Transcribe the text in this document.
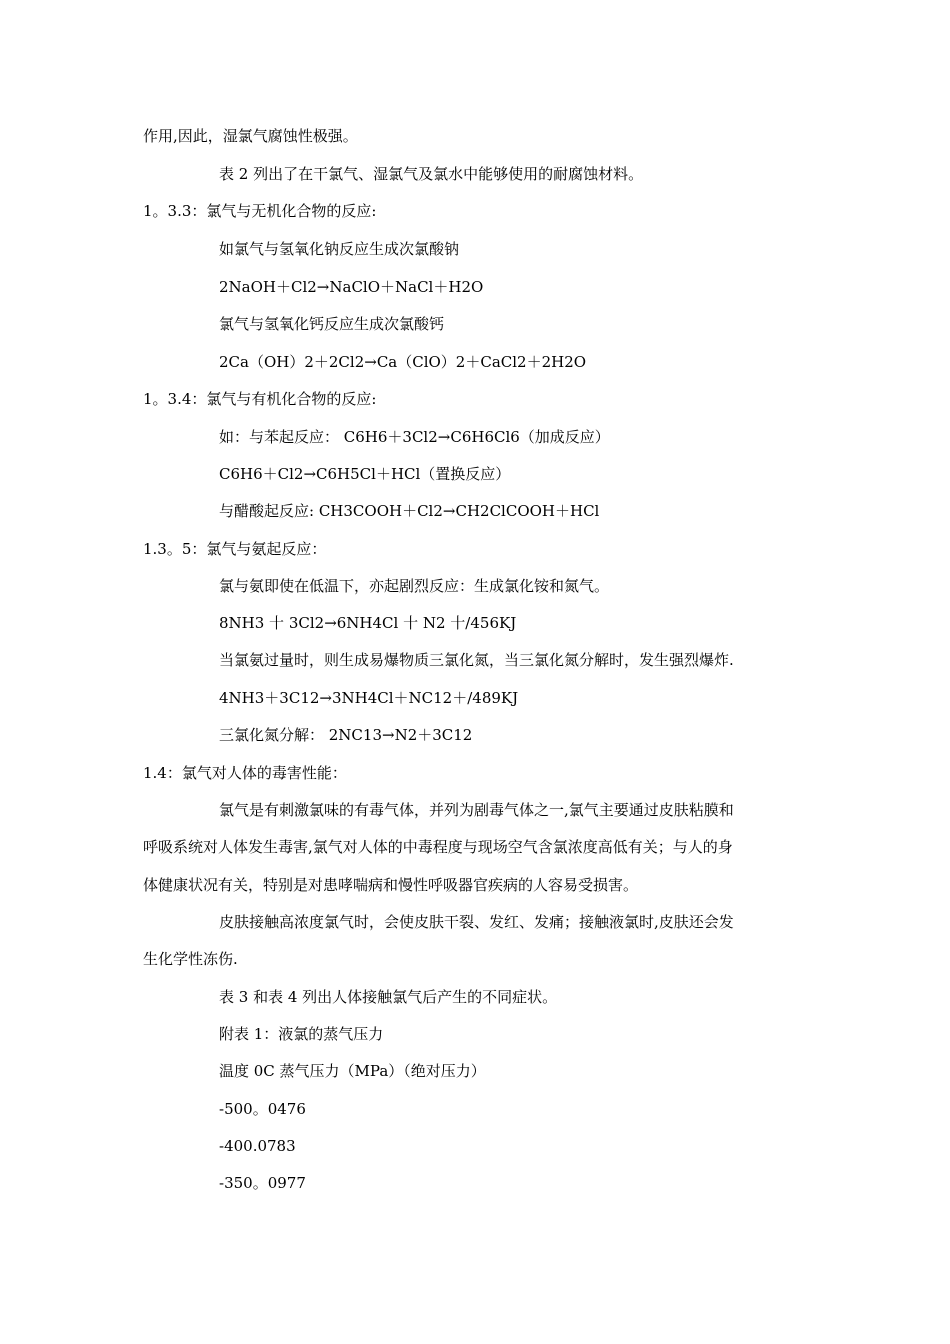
作用,因此，湿氯气腐蚀性极强。
表 2 列出了在干氯气、湿氯气及氯水中能够使用的耐腐蚀材料。
1。3.3：氯气与无机化合物的反应:
如氯气与氢氧化钠反应生成次氯酸钠
2NaOH＋Cl2→NaClO＋NaCl＋H2O
氯气与氢氧化钙反应生成次氯酸钙
2Ca（OH）2＋2Cl2→Ca（ClO）2＋CaCl2＋2H2O
1。3.4：氯气与有机化合物的反应:
如：与苯起反应： C6H6＋3Cl2→C6H6Cl6（加成反应）
C6H6＋Cl2→C6H5Cl＋HCl（置换反应）
与醋酸起反应: CH3COOH＋Cl2→CH2ClCOOH＋HCl
1.3。5：氯气与氨起反应：
氯与氨即使在低温下，亦起剧烈反应：生成氯化铵和氮气。
8NH3 十 3Cl2→6NH4Cl 十 N2 十/456KJ
当氯氨过量时，则生成易爆物质三氯化氮，当三氯化氮分解时，发生强烈爆炸.
4NH3＋3C12→3NH4Cl＋NC12＋/489KJ
三氯化氮分解： 2NC13→N2＋3C12
1.4：氯气对人体的毒害性能：
氯气是有刺激氯味的有毒气体，并列为剧毒气体之一,氯气主要通过皮肤粘膜和
呼吸系统对人体发生毒害,氯气对人体的中毒程度与现场空气含氯浓度高低有关；与人的身
体健康状况有关，特别是对患哮喘病和慢性呼吸器官疾病的人容易受损害。
皮肤接触高浓度氯气时，会使皮肤干裂、发红、发痛；接触液氯时,皮肤还会发
生化学性冻伤.
表 3 和表 4 列出人体接触氯气后产生的不同症状。
附表 1：液氯的蒸气压力
温度 0C 蒸气压力（MPa）（绝对压力）
-500。0476
-400.0783
-350。0977
